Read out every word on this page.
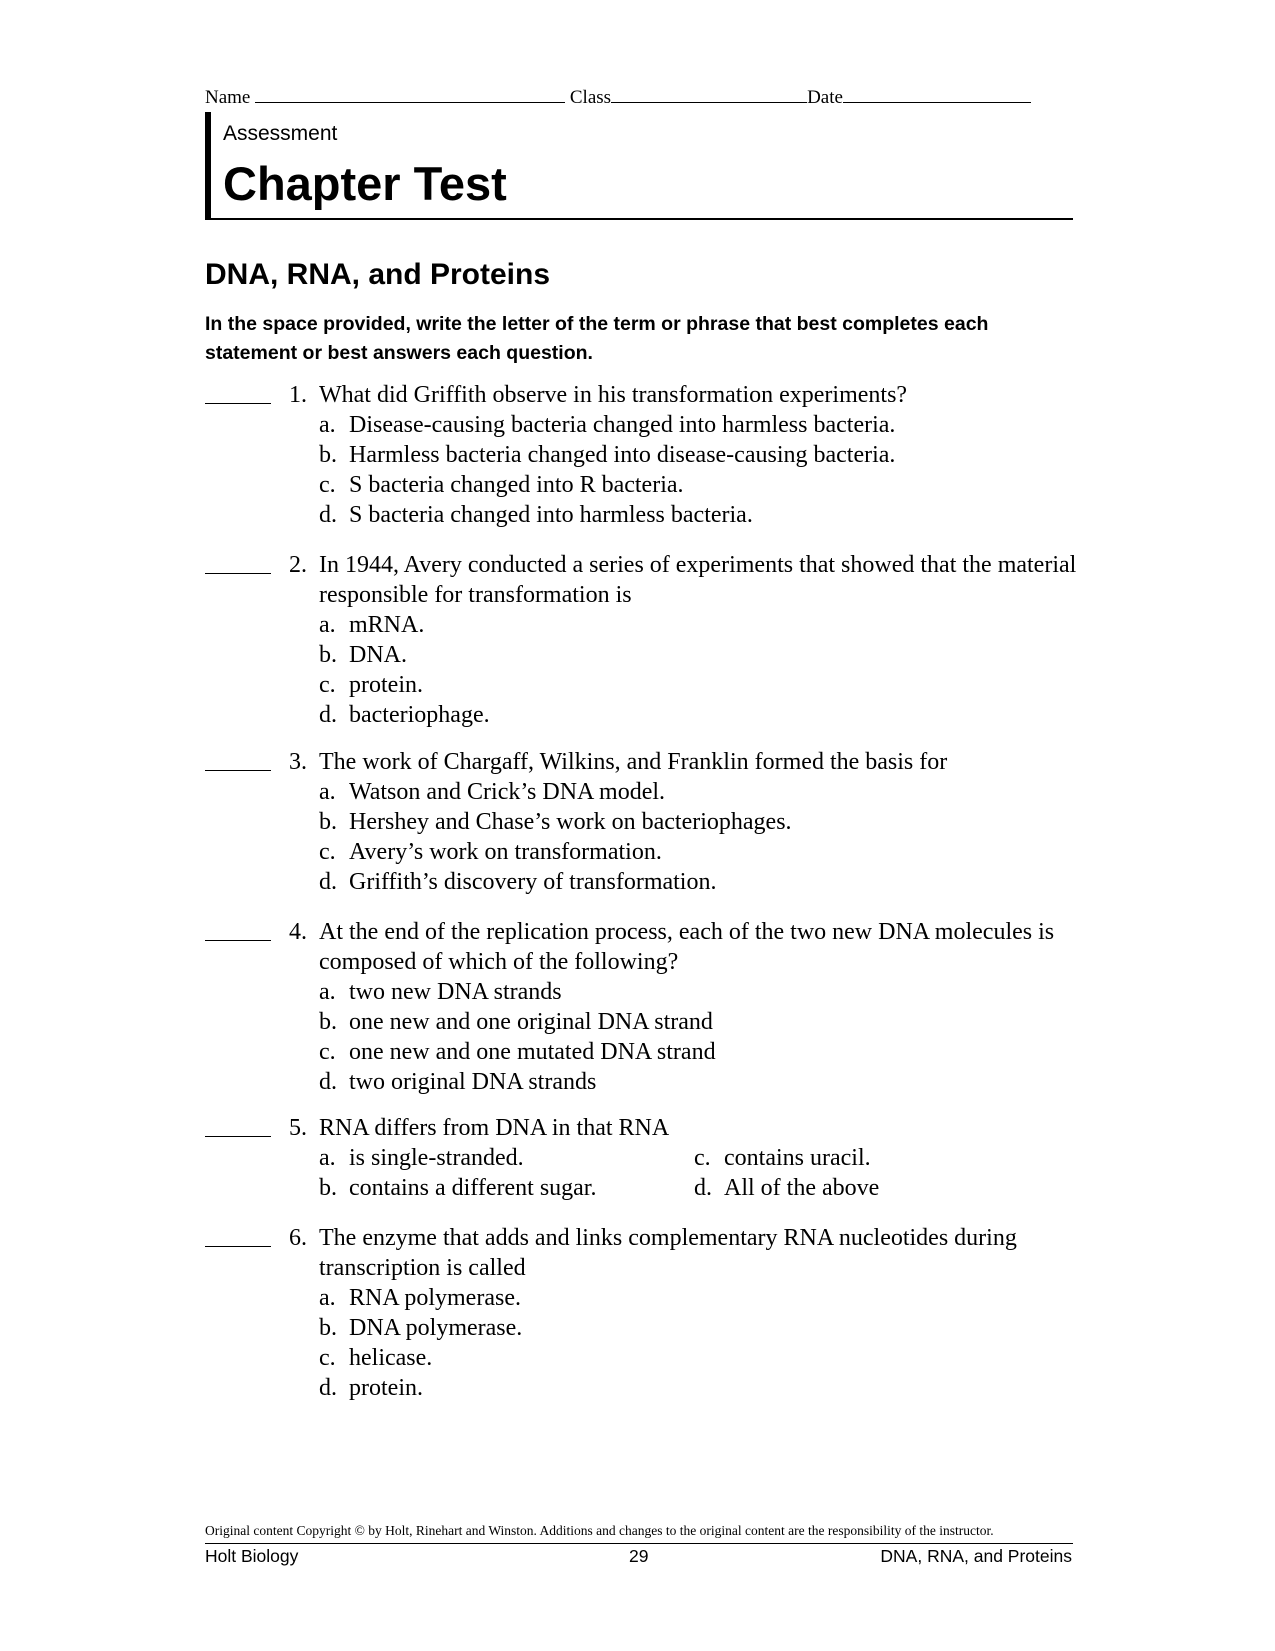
Name	Class	Date
Assessment
Chapter Test
DNA, RNA, and Proteins
In the space provided, write the letter of the term or phrase that best completes each statement or best answers each question.
1. What did Griffith observe in his transformation experiments?
a. Disease-causing bacteria changed into harmless bacteria.
b. Harmless bacteria changed into disease-causing bacteria.
c. S bacteria changed into R bacteria.
d. S bacteria changed into harmless bacteria.
2. In 1944, Avery conducted a series of experiments that showed that the material responsible for transformation is
a. mRNA.
b. DNA.
c. protein.
d. bacteriophage.
3. The work of Chargaff, Wilkins, and Franklin formed the basis for
a. Watson and Crick’s DNA model.
b. Hershey and Chase’s work on bacteriophages.
c. Avery’s work on transformation.
d. Griffith’s discovery of transformation.
4. At the end of the replication process, each of the two new DNA molecules is composed of which of the following?
a. two new DNA strands
b. one new and one original DNA strand
c. one new and one mutated DNA strand
d. two original DNA strands
5. RNA differs from DNA in that RNA
a. is single-stranded.	c. contains uracil.
b. contains a different sugar.	d. All of the above
6. The enzyme that adds and links complementary RNA nucleotides during transcription is called
a. RNA polymerase.
b. DNA polymerase.
c. helicase.
d. protein.
Original content Copyright © by Holt, Rinehart and Winston. Additions and changes to the original content are the responsibility of the instructor.
Holt Biology	29	DNA, RNA, and Proteins
